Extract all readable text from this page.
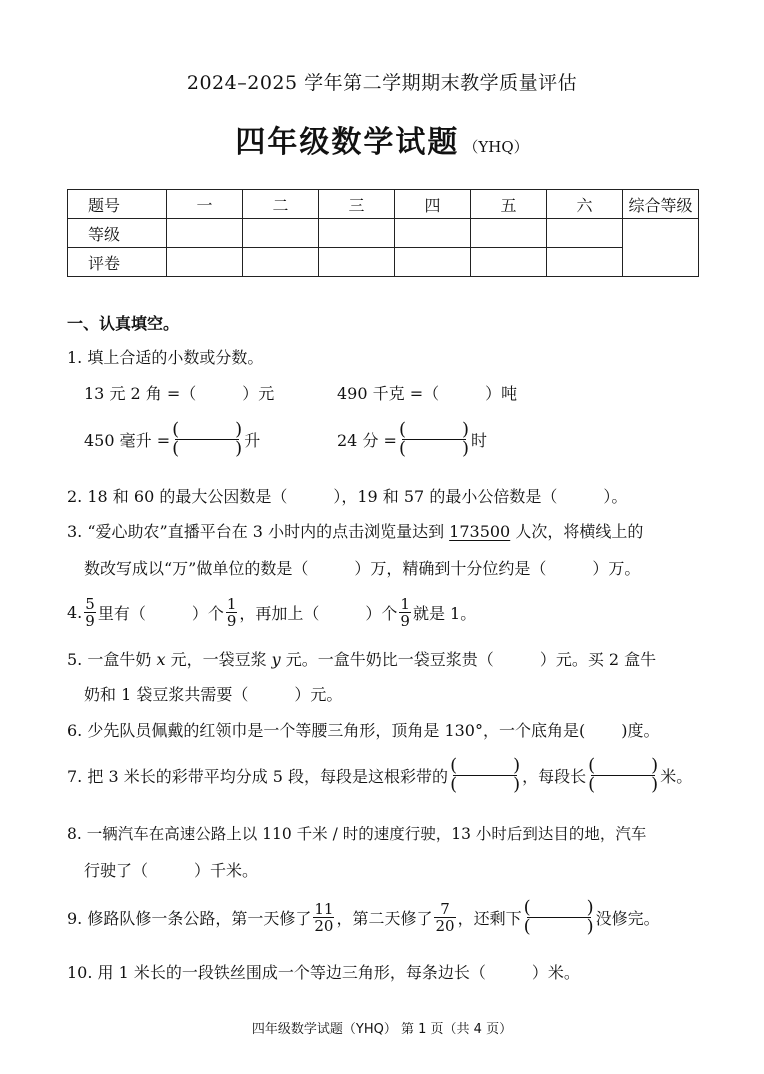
2024–2025 学年第二学期期末教学质量评估
四年级数学试题 （YHQ）
题号	一	二	三	四	五	六	综合等级
等级							
评卷							
一、认真填空。
1. 填上合适的小数或分数。
13 元 2 角 =（	）元	490 千克 =（	）吨
450 毫升 = (	)
(	) 升	24 分 = (	)
(	) 时
2. 18 和 60 的最大公因数是（	），19 和 57 的最小公倍数是（	）。
3. “爱心助农”直播平台在 3 小时内的点击浏览量达到 173500 人次，将横线上的
数改写成以“万”做单位的数是（	）万，精确到十分位约是（	）万。
4. $\frac{5}{9}$ 里有（	）个 $\frac{1}{9}$ ，再加上（	）个 $\frac{1}{9}$ 就是 1。
5. 一盒牛奶 x 元，一袋豆浆 y 元。一盒牛奶比一袋豆浆贵（	）元。买 2 盒牛
奶和 1 袋豆浆共需要（	）元。
6. 少先队员佩戴的红领巾是一个等腰三角形，顶角是 130°，一个底角是( )度。
7. 把 3 米长的彩带平均分成 5 段，每段是这根彩带的 (	)
(	) ，每段长 (	)
(	) 米。
8. 一辆汽车在高速公路上以 110 千米 / 时的速度行驶，13 小时后到达目的地，汽车
行驶了（	）千米。
9. 修路队修一条公路，第一天修了 $\frac{11}{20}$ ，第二天修了 $\frac{7}{20}$ ，还剩下 (	)
(	) 没修完。
10. 用 1 米长的一段铁丝围成一个等边三角形，每条边长（	）米。
四年级数学试题（YHQ） 第 1 页（共 4 页）
